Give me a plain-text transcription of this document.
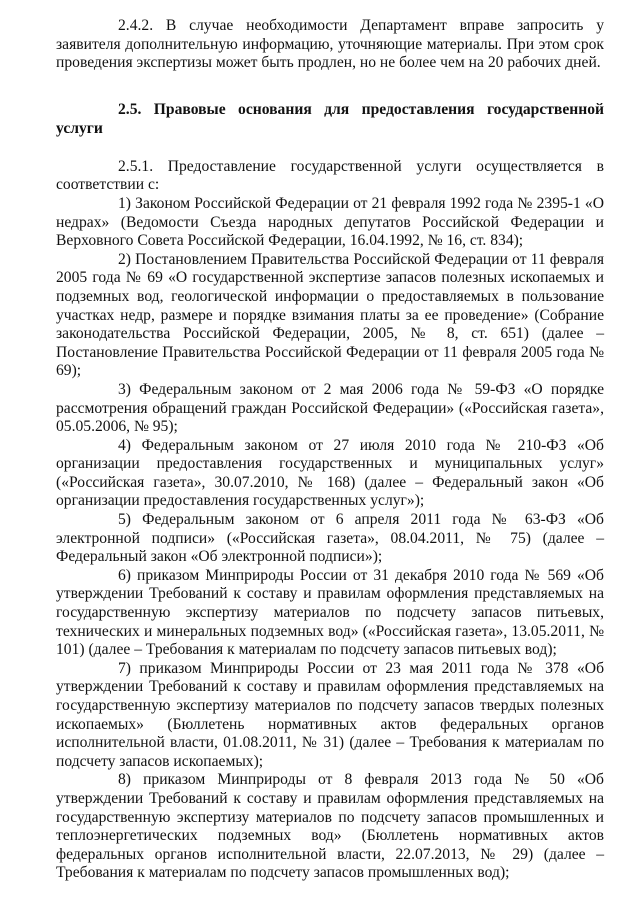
2.4.2. В случае необходимости Департамент вправе запросить у заявителя дополнительную информацию, уточняющие материалы. При этом срок проведения экспертизы может быть продлен, но не более чем на 20 рабочих дней.

2.5. Правовые основания для предоставления государственной услуги

2.5.1. Предоставление государственной услуги осуществляется в соответствии с:

1) Законом Российской Федерации от 21 февраля 1992 года № 2395-1 «О недрах» (Ведомости Съезда народных депутатов Российской Федерации и Верховного Совета Российской Федерации, 16.04.1992, № 16, ст. 834);

2) Постановлением Правительства Российской Федерации от 11 февраля 2005 года № 69 «О государственной экспертизе запасов полезных ископаемых и подземных вод, геологической информации о предоставляемых в пользование участках недр, размере и порядке взимания платы за ее проведение» (Собрание законодательства Российской Федерации, 2005, № 8, ст. 651) (далее – Постановление Правительства Российской Федерации от 11 февраля 2005 года № 69);

3) Федеральным законом от 2 мая 2006 года № 59-ФЗ «О порядке рассмотрения обращений граждан Российской Федерации» («Российская газета», 05.05.2006, № 95);

4) Федеральным законом от 27 июля 2010 года № 210-ФЗ «Об организации предоставления государственных и муниципальных услуг» («Российская газета», 30.07.2010, № 168) (далее – Федеральный закон «Об организации предоставления государственных услуг»);

5) Федеральным законом от 6 апреля 2011 года № 63-ФЗ «Об электронной подписи» («Российская газета», 08.04.2011, № 75) (далее – Федеральный закон «Об электронной подписи»);

6) приказом Минприроды России от 31 декабря 2010 года № 569 «Об утверждении Требований к составу и правилам оформления представляемых на государственную экспертизу материалов по подсчету запасов питьевых, технических и минеральных подземных вод» («Российская газета», 13.05.2011, № 101) (далее – Требования к материалам по подсчету запасов питьевых вод);

7) приказом Минприроды России от 23 мая 2011 года № 378 «Об утверждении Требований к составу и правилам оформления представляемых на государственную экспертизу материалов по подсчету запасов твердых полезных ископаемых» (Бюллетень нормативных актов федеральных органов исполнительной власти, 01.08.2011, № 31) (далее – Требования к материалам по подсчету запасов ископаемых);

8) приказом Минприроды от 8 февраля 2013 года № 50 «Об утверждении Требований к составу и правилам оформления представляемых на государственную экспертизу материалов по подсчету запасов промышленных и теплоэнергетических подземных вод» (Бюллетень нормативных актов федеральных органов исполнительной власти, 22.07.2013, № 29) (далее – Требования к материалам по подсчету запасов промышленных вод);
